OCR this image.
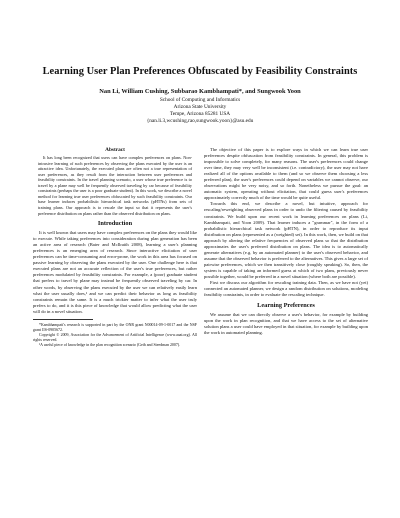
Learning User Plan Preferences Obfuscated by Feasibility Constraints
Nan Li, William Cushing, Subbarao Kambhampati*, and Sungwook Yoon
School of Computing and Informatics
Arizona State University
Tempe, Arizona 85281 USA
{nan.li.3,wcushing,rao,sungwook.yoon}@asu.edu
Abstract

It has long been recognized that users can have complex preferences on plans. Non-intrusive learning of such preferences by observing the plans executed by the user is an attractive idea. Unfortunately, the executed plans are often not a true representation of user preferences, as they result from the interaction between user preferences and feasibility constraints. In the travel planning scenario, a user whose true preference is to travel by a plane may well be frequently observed traveling by car because of feasibility constraints (perhaps the user is a poor graduate student). In this work, we describe a novel method for learning true user preferences obfuscated by such feasibility constraints. Our base learner induces probabilistic hierarchical task networks (pHTNs) from sets of training plans. Our approach is to rescale the input so that it represents the user's preference distribution on plans rather than the observed distribution on plans.

Introduction

It is well known that users may have complex preferences on the plans they would like to execute. While taking preferences into consideration during plan generation has been an active area of research (Baier and McIlraith 2008), learning a user's planning preferences is an emerging area of research. Since interactive elicitation of user preferences can be time-consuming and error-prone, the work in this area has focused on passive learning by observing the plans executed by the user. One challenge here is that executed plans are not an accurate reflection of the user's true preferences, but rather preferences modulated by feasibility constraints. For example, a (poor) graduate student that prefers to travel by plane may instead be frequently observed traveling by car. In other words, by observing the plans executed by the user we can relatively easily learn what the user usually does,¹ and we can predict their behavior as long as feasibility constraints remain the same. It is a much trickier matter to infer what the user truly prefers to do, and it is this piece of knowledge that would allow predicting what the user will do in a novel situation.

*Kambhampati's research is supported in part by the ONR grant N00014-09-1-0017 and the NSF grant IIS-0905672.

Copyright © 2009, Association for the Advancement of Artificial Intelligence (www.aaai.org). All rights reserved.

¹A useful piece of knowledge in the plan recognition scenario (Geib and Steedman 2007).

The objective of this paper is to explore ways in which we can learn true user preferences despite obfuscation from feasibility constraints. In general, this problem is impossible to solve completely, for many reasons. The user's preferences could change over time, they may very well be inconsistent (i.e. contradictory), the user may not have realized all of the options available to them (and so we observe them choosing a less preferred plan), the user's preferences could depend on variables we cannot observe, our observations might be very noisy, and so forth. Nonetheless we pursue the goal: an automatic system, operating without elicitation, that could guess user's preferences approximately correctly much of the time would be quite useful.

Towards this end, we describe a novel, but intuitive, approach for rescaling/reweighting observed plans in order to undo the filtering caused by feasibility constraints. We build upon our recent work in learning preferences on plans (Li, Kambhampati, and Yoon 2009). That learner induces a "grammar", in the form of a probabilistic hierarchical task network (pHTN), in order to reproduce its input distribution on plans (represented as a (weighted) set). In this work, then, we build on that approach by altering the relative frequencies of observed plans so that the distribution approximates the user's preferred distribution on plans. The idea is to automatically generate alternatives (e.g. by an automated planner) to the user's observed behavior, and assume that the observed behavior is preferred to the alternatives. This gives a large set of pairwise preferences, which we then transitively close (roughly speaking). So, then, the system is capable of taking an informed guess at which of two plans, previously never possible together, would be preferred in a novel situation (where both are possible).

First we discuss our algorithm for rescaling training data. Then, as we have not (yet) connected an automated planner, we design a random distribution on solutions, modeling feasibility constraints, in order to evaluate the rescaling technique.

Learning Preferences

We assume that we can directly observe a user's behavior, for example by building upon the work in plan recognition, and that we have access to the set of alternative solution plans a user could have employed in that situation, for example by building upon the work in automated planning.
